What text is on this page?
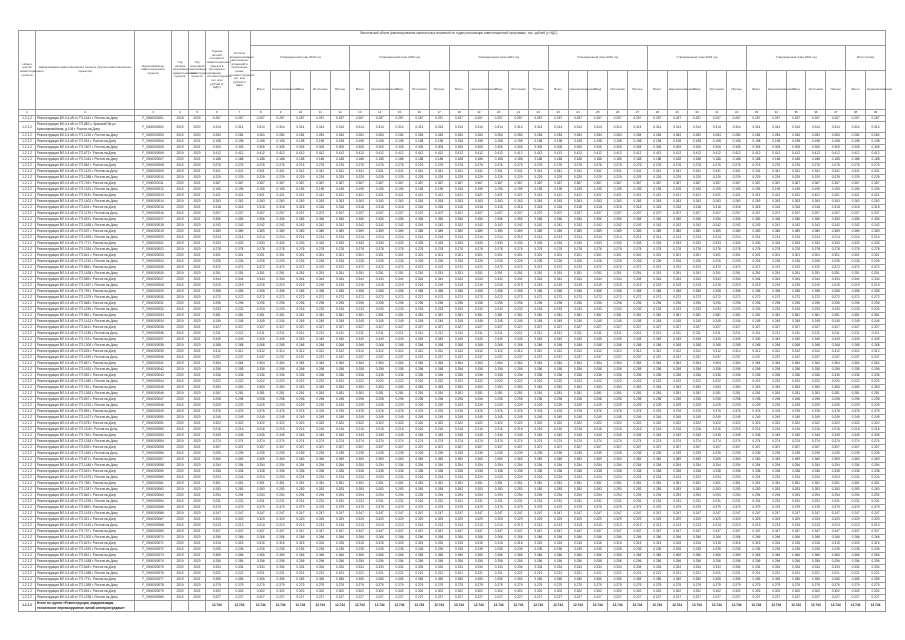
Фактический объем финансирования капитальных вложений по годам реализации инвестиционной программы, тыс. рублей (с НДС)
Номер группы инвестиционного проекта	Наименование инвестиционного проекта (группы инвестиционных проектов)	Идентификатор инвестиционного проекта	Год начала реализации инвестиционного проекта	Год окончания реализации инвестиционного проекта	Оценка полной стоимости инвестиционного проекта в прогнозных ценах соответствующих лет, млн рублей (с НДС)	Остаток финансирования капитальных вложений в прогнозных ценах соответствующих лет, млн рублей (с НДС)																																
							Утвержденный план 2019 год					Утвержденный план 2020 год					Утвержденный план 2021 год					Утвержденный план 2022 год					Утвержденный план 2023 год					Утвержденный план 2024 год					Итого (план)	
							Всего	Нереализованное	Ввод	Источники	Прочее	Всего	Нереализованное	Ввод	Источники	Прочее	Всего	Нереализованное	Ввод	Источники	Прочее	Всего	Нереализованное	Ввод	Источники	Прочее	Всего	Нереализованное	Ввод	Источники	Прочее	Всего	Нереализованное	Ввод	Источники	Прочее	Всего	Нереализованное
1	2	3	4	5	6	7	8	9	10	11	12	13	14	15	16	17	18	19	20	21	22	23	24	25	26	27	28	29	30	31	32	33	34	35	36	37	38	39
1.2.1.2	Реконструкция ВЛ-0,4 кВ от ТП-1441 г. Ростов-на-Дону	F_0000000001	2018	2020	0.257	0.257	0.257	0.257	0.257	0.257	0.257	0.257	0.257	0.257	0.257	0.257	0.257	0.257	0.257	0.257	0.257	0.257	0.257	0.257	0.257	0.257	0.257	0.257	0.257	0.257	0.257	0.257	0.257	0.257	0.257	0.257	0.257	0.257
1.2.1.2	Реконструкция ВЛ-0,4 кВ от ТП-882 с. Красный Яр ул. Красноармейская, д.108 г. Ростов-на-Дону	F_0000000002	2019	2020	0.314	0.314	0.314	0.314	0.314	0.314	0.314	0.314	0.314	0.314	0.314	0.314	0.314	0.314	0.314	0.314	0.314	0.314	0.314	0.314	0.314	0.314	0.314	0.314	0.314	0.314	0.314	0.314	0.314	0.314	0.314	0.314	0.314	0.314
1.2.1.2	Реконструкция ВЛ-0,4 кВ от ТП-1219 г. Ростов-на-Дону	F_0000000003	2019	2020	0.284	0.284	0.284	0.284	0.284	0.284	0.284	0.284	0.284	0.284	0.284	0.284	0.284	0.284	0.284	0.284	0.284	0.284	0.284	0.284	0.284	0.284	0.284	0.284	0.284	0.284	0.284	0.284	0.284	0.284	0.284	0.284	0.284	0.284
1.2.1.2	Реконструкция ВЛ-0,4 кВ от ТП-901 г. Ростов-на-Дону	F_0000000004	2019	2021	0.198	0.198	0.198	0.198	0.198	0.198	0.198	0.198	0.198	0.198	0.198	0.198	0.198	0.198	0.198	0.198	0.198	0.198	0.198	0.198	0.198	0.198	0.198	0.198	0.198	0.198	0.198	0.198	0.198	0.198	0.198	0.198	0.198	0.198
1.2.1.2	Реконструкция ВЛ-0,4 кВ от ТП-1507 г. Ростов-на-Дону	F_0000000005	2019	2021	0.305	0.305	0.305	0.305	0.305	0.305	0.305	0.305	0.305	0.305	0.305	0.305	0.305	0.305	0.305	0.305	0.305	0.305	0.305	0.305	0.305	0.305	0.305	0.305	0.305	0.305	0.305	0.305	0.305	0.305	0.305	0.305	0.305	0.305
1.2.1.2	Реконструкция ВЛ-0,4 кВ от ТП-673 г. Ростов-на-Дону	F_0000000006	2019	2020	0.412	0.412	0.412	0.412	0.412	0.412	0.412	0.412	0.412	0.412	0.412	0.412	0.412	0.412	0.412	0.412	0.412	0.412	0.412	0.412	0.412	0.412	0.412	0.412	0.412	0.412	0.412	0.412	0.412	0.412	0.412	0.412	0.412	0.412
1.2.1.2	Реконструкция ВЛ-0,4 кВ от ТП-1044 г. Ростов-на-Дону	F_0000000007	2020	2021	0.188	0.188	0.188	0.188	0.188	0.188	0.188	0.188	0.188	0.188	0.188	0.188	0.188	0.188	0.188	0.188	0.188	0.188	0.188	0.188	0.188	0.188	0.188	0.188	0.188	0.188	0.188	0.188	0.188	0.188	0.188	0.188	0.188	0.188
1.2.1.2	Реконструкция ВЛ-0,4 кВ от ТП-562 г. Ростов-на-Дону	F_0000000008	2019	2020	0.276	0.276	0.276	0.276	0.276	0.276	0.276	0.276	0.276	0.276	0.276	0.276	0.276	0.276	0.276	0.276	0.276	0.276	0.276	0.276	0.276	0.276	0.276	0.276	0.276	0.276	0.276	0.276	0.276	0.276	0.276	0.276	0.276	0.276
1.2.1.2	Реконструкция ВЛ-0,4 кВ от ТП-1120 г. Ростов-на-Дону	F_0000000009	2019	2021	0.341	0.341	0.341	0.341	0.341	0.341	0.341	0.341	0.341	0.341	0.341	0.341	0.341	0.341	0.341	0.341	0.341	0.341	0.341	0.341	0.341	0.341	0.341	0.341	0.341	0.341	0.341	0.341	0.341	0.341	0.341	0.341	0.341	0.341
1.2.1.2	Реконструкция ВЛ-0,4 кВ от ТП-1288 г. Ростов-на-Дону	F_0000000010	2019	2020	0.229	0.229	0.229	0.229	0.229	0.229	0.229	0.229	0.229	0.229	0.229	0.229	0.229	0.229	0.229	0.229	0.229	0.229	0.229	0.229	0.229	0.229	0.229	0.229	0.229	0.229	0.229	0.229	0.229	0.229	0.229	0.229	0.229	0.229
1.2.1.2	Реконструкция ВЛ-0,4 кВ от ТП-745 г. Ростов-на-Дону	F_0000000011	2020	2021	0.367	0.367	0.367	0.367	0.367	0.367	0.367	0.367	0.367	0.367	0.367	0.367	0.367	0.367	0.367	0.367	0.367	0.367	0.367	0.367	0.367	0.367	0.367	0.367	0.367	0.367	0.367	0.367	0.367	0.367	0.367	0.367	0.367	0.367
1.2.1.2	Реконструкция ВЛ-0,4 кВ от ТП-1331 г. Ростов-на-Дону	F_0000000012	2019	2020	0.195	0.195	0.195	0.195	0.195	0.195	0.195	0.195	0.195	0.195	0.195	0.195	0.195	0.195	0.195	0.195	0.195	0.195	0.195	0.195	0.195	0.195	0.195	0.195	0.195	0.195	0.195	0.195	0.195	0.195	0.195	0.195	0.195	0.195
1.2.1.2	Реконструкция ВЛ-0,4 кВ от ТП-918 г. Ростов-на-Дону	F_0000000013	2019	2021	0.421	0.421	0.421	0.421	0.421	0.421	0.421	0.421	0.421	0.421	0.421	0.421	0.421	0.421	0.421	0.421	0.421	0.421	0.421	0.421	0.421	0.421	0.421	0.421	0.421	0.421	0.421	0.421	0.421	0.421	0.421	0.421	0.421	0.421
1.2.1.2	Реконструкция ВЛ-0,4 кВ от ТП-1402 г. Ростов-на-Дону	F_0000000014	2019	2020	0.263	0.263	0.263	0.263	0.263	0.263	0.263	0.263	0.263	0.263	0.263	0.263	0.263	0.263	0.263	0.263	0.263	0.263	0.263	0.263	0.263	0.263	0.263	0.263	0.263	0.263	0.263	0.263	0.263	0.263	0.263	0.263	0.263	0.263
1.2.1.2	Реконструкция ВЛ-0,4 кВ от ТП-604 г. Ростов-на-Дону	F_0000000015	2020	2021	0.318	0.318	0.318	0.318	0.318	0.318	0.318	0.318	0.318	0.318	0.318	0.318	0.318	0.318	0.318	0.318	0.318	0.318	0.318	0.318	0.318	0.318	0.318	0.318	0.318	0.318	0.318	0.318	0.318	0.318	0.318	0.318	0.318	0.318
1.2.1.2	Реконструкция ВЛ-0,4 кВ от ТП-1176 г. Ростов-на-Дону	F_0000000016	2019	2020	0.207	0.207	0.207	0.207	0.207	0.207	0.207	0.207	0.207	0.207	0.207	0.207	0.207	0.207	0.207	0.207	0.207	0.207	0.207	0.207	0.207	0.207	0.207	0.207	0.207	0.207	0.207	0.207	0.207	0.207	0.207	0.207	0.207	0.207
1.2.1.2	Реконструкция ВЛ-0,4 кВ от ТП-829 г. Ростов-на-Дону	F_0000000017	2019	2021	0.356	0.356	0.356	0.356	0.356	0.356	0.356	0.356	0.356	0.356	0.356	0.356	0.356	0.356	0.356	0.356	0.356	0.356	0.356	0.356	0.356	0.356	0.356	0.356	0.356	0.356	0.356	0.356	0.356	0.356	0.356	0.356	0.356	0.356
1.2.1.2	Реконструкция ВЛ-0,4 кВ от ТП-1465 г. Ростов-на-Дону	F_0000000018	2019	2020	0.242	0.242	0.242	0.242	0.242	0.242	0.242	0.242	0.242	0.242	0.242	0.242	0.242	0.242	0.242	0.242	0.242	0.242	0.242	0.242	0.242	0.242	0.242	0.242	0.242	0.242	0.242	0.242	0.242	0.242	0.242	0.242	0.242	0.242
1.2.1.2	Реконструкция ВЛ-0,4 кВ от ТП-537 г. Ростов-на-Дону	F_0000000019	2020	2021	0.389	0.389	0.389	0.389	0.389	0.389	0.389	0.389	0.389	0.389	0.389	0.389	0.389	0.389	0.389	0.389	0.389	0.389	0.389	0.389	0.389	0.389	0.389	0.389	0.389	0.389	0.389	0.389	0.389	0.389	0.389	0.389	0.389	0.389
1.2.1.2	Реконструкция ВЛ-0,4 кВ от ТП-1093 г. Ростов-на-Дону	F_0000000020	2019	2020	0.214	0.214	0.214	0.214	0.214	0.214	0.214	0.214	0.214	0.214	0.214	0.214	0.214	0.214	0.214	0.214	0.214	0.214	0.214	0.214	0.214	0.214	0.214	0.214	0.214	0.214	0.214	0.214	0.214	0.214	0.214	0.214	0.214	0.214
1.2.1.2	Реконструкция ВЛ-0,4 кВ от ТП-772 г. Ростов-на-Дону	F_0000000021	2019	2021	0.333	0.333	0.333	0.333	0.333	0.333	0.333	0.333	0.333	0.333	0.333	0.333	0.333	0.333	0.333	0.333	0.333	0.333	0.333	0.333	0.333	0.333	0.333	0.333	0.333	0.333	0.333	0.333	0.333	0.333	0.333	0.333	0.333	0.333
1.2.1.2	Реконструкция ВЛ-0,4 кВ от ТП-1354 г. Ростов-на-Дону	F_0000000022	2019	2020	0.278	0.278	0.278	0.278	0.278	0.278	0.278	0.278	0.278	0.278	0.278	0.278	0.278	0.278	0.278	0.278	0.278	0.278	0.278	0.278	0.278	0.278	0.278	0.278	0.278	0.278	0.278	0.278	0.278	0.278	0.278	0.278	0.278	0.278
1.2.1.2	Реконструкция ВЛ-0,4 кВ от ТП-641 г. Ростов-на-Дону	F_0000000023	2020	2021	0.301	0.301	0.301	0.301	0.301	0.301	0.301	0.301	0.301	0.301	0.301	0.301	0.301	0.301	0.301	0.301	0.301	0.301	0.301	0.301	0.301	0.301	0.301	0.301	0.301	0.301	0.301	0.301	0.301	0.301	0.301	0.301	0.301	0.301
1.2.1.2	Реконструкция ВЛ-0,4 кВ от ТП-1210 г. Ростов-на-Дону	F_0000000024	2019	2020	0.226	0.226	0.226	0.226	0.226	0.226	0.226	0.226	0.226	0.226	0.226	0.226	0.226	0.226	0.226	0.226	0.226	0.226	0.226	0.226	0.226	0.226	0.226	0.226	0.226	0.226	0.226	0.226	0.226	0.226	0.226	0.226	0.226	0.226
1.2.1.2	Реконструкция ВЛ-0,4 кВ от ТП-856 г. Ростов-на-Дону	F_0000000025	2019	2021	0.372	0.372	0.372	0.372	0.372	0.372	0.372	0.372	0.372	0.372	0.372	0.372	0.372	0.372	0.372	0.372	0.372	0.372	0.372	0.372	0.372	0.372	0.372	0.372	0.372	0.372	0.372	0.372	0.372	0.372	0.372	0.372	0.372	0.372
1.2.1.2	Реконструкция ВЛ-0,4 кВ от ТП-1438 г. Ростов-на-Дону	F_0000000026	2019	2020	0.251	0.251	0.251	0.251	0.251	0.251	0.251	0.251	0.251	0.251	0.251	0.251	0.251	0.251	0.251	0.251	0.251	0.251	0.251	0.251	0.251	0.251	0.251	0.251	0.251	0.251	0.251	0.251	0.251	0.251	0.251	0.251	0.251	0.251
1.2.1.2	Реконструкция ВЛ-0,4 кВ от ТП-589 г. Ростов-на-Дону	F_0000000027	2020	2021	0.344	0.344	0.344	0.344	0.344	0.344	0.344	0.344	0.344	0.344	0.344	0.344	0.344	0.344	0.344	0.344	0.344	0.344	0.344	0.344	0.344	0.344	0.344	0.344	0.344	0.344	0.344	0.344	0.344	0.344	0.344	0.344	0.344	0.344
1.2.1.2	Реконструкция ВЛ-0,4 кВ от ТП-1067 г. Ростов-на-Дону	F_0000000028	2019	2020	0.219	0.219	0.219	0.219	0.219	0.219	0.219	0.219	0.219	0.219	0.219	0.219	0.219	0.219	0.219	0.219	0.219	0.219	0.219	0.219	0.219	0.219	0.219	0.219	0.219	0.219	0.219	0.219	0.219	0.219	0.219	0.219	0.219	0.219
1.2.1.2	Реконструкция ВЛ-0,4 кВ от ТП-795 г. Ростов-на-Дону	F_0000000029	2019	2021	0.358	0.358	0.358	0.358	0.358	0.358	0.358	0.358	0.358	0.358	0.358	0.358	0.358	0.358	0.358	0.358	0.358	0.358	0.358	0.358	0.358	0.358	0.358	0.358	0.358	0.358	0.358	0.358	0.358	0.358	0.358	0.358	0.358	0.358
1.2.1.2	Реконструкция ВЛ-0,4 кВ от ТП-1379 г. Ростов-на-Дону	F_0000000030	2019	2020	0.272	0.272	0.272	0.272	0.272	0.272	0.272	0.272	0.272	0.272	0.272	0.272	0.272	0.272	0.272	0.272	0.272	0.272	0.272	0.272	0.272	0.272	0.272	0.272	0.272	0.272	0.272	0.272	0.272	0.272	0.272	0.272	0.272	0.272
1.2.1.2	Реконструкция ВЛ-0,4 кВ от ТП-668 г. Ростов-на-Дону	F_0000000031	2020	2021	0.296	0.296	0.296	0.296	0.296	0.296	0.296	0.296	0.296	0.296	0.296	0.296	0.296	0.296	0.296	0.296	0.296	0.296	0.296	0.296	0.296	0.296	0.296	0.296	0.296	0.296	0.296	0.296	0.296	0.296	0.296	0.296	0.296	0.296
1.2.1.2	Реконструкция ВЛ-0,4 кВ от ТП-1245 г. Ростов-на-Дону	F_0000000032	2019	2020	0.233	0.233	0.233	0.233	0.233	0.233	0.233	0.233	0.233	0.233	0.233	0.233	0.233	0.233	0.233	0.233	0.233	0.233	0.233	0.233	0.233	0.233	0.233	0.233	0.233	0.233	0.233	0.233	0.233	0.233	0.233	0.233	0.233	0.233
1.2.1.2	Реконструкция ВЛ-0,4 кВ от ТП-881 г. Ростов-на-Дону	F_0000000033	2019	2021	0.381	0.381	0.381	0.381	0.381	0.381	0.381	0.381	0.381	0.381	0.381	0.381	0.381	0.381	0.381	0.381	0.381	0.381	0.381	0.381	0.381	0.381	0.381	0.381	0.381	0.381	0.381	0.381	0.381	0.381	0.381	0.381	0.381	0.381
1.2.1.2	Реконструкция ВЛ-0,4 кВ от ТП-1412 г. Ростов-на-Дону	F_0000000034	2019	2020	0.245	0.245	0.245	0.245	0.245	0.245	0.245	0.245	0.245	0.245	0.245	0.245	0.245	0.245	0.245	0.245	0.245	0.245	0.245	0.245	0.245	0.245	0.245	0.245	0.245	0.245	0.245	0.245	0.245	0.245	0.245	0.245	0.245	0.245
1.2.1.2	Реконструкция ВЛ-0,4 кВ от ТП-516 г. Ростов-на-Дону	F_0000000035	2020	2021	0.327	0.327	0.327	0.327	0.327	0.327	0.327	0.327	0.327	0.327	0.327	0.327	0.327	0.327	0.327	0.327	0.327	0.327	0.327	0.327	0.327	0.327	0.327	0.327	0.327	0.327	0.327	0.327	0.327	0.327	0.327	0.327	0.327	0.327
1.2.1.2	Реконструкция ВЛ-0,4 кВ от ТП-1138 г. Ростов-на-Дону	F_0000000036	2019	2020	0.211	0.211	0.211	0.211	0.211	0.211	0.211	0.211	0.211	0.211	0.211	0.211	0.211	0.211	0.211	0.211	0.211	0.211	0.211	0.211	0.211	0.211	0.211	0.211	0.211	0.211	0.211	0.211	0.211	0.211	0.211	0.211	0.211	0.211
1.2.1.2	Реконструкция ВЛ-0,4 кВ от ТП-743 г. Ростов-на-Дону	F_0000000037	2019	2021	0.349	0.349	0.349	0.349	0.349	0.349	0.349	0.349	0.349	0.349	0.349	0.349	0.349	0.349	0.349	0.349	0.349	0.349	0.349	0.349	0.349	0.349	0.349	0.349	0.349	0.349	0.349	0.349	0.349	0.349	0.349	0.349	0.349	0.349
1.2.1.2	Реконструкция ВЛ-0,4 кВ от ТП-1306 г. Ростов-на-Дону	F_0000000038	2019	2020	0.268	0.268	0.268	0.268	0.268	0.268	0.268	0.268	0.268	0.268	0.268	0.268	0.268	0.268	0.268	0.268	0.268	0.268	0.268	0.268	0.268	0.268	0.268	0.268	0.268	0.268	0.268	0.268	0.268	0.268	0.268	0.268	0.268	0.268
1.2.1.2	Реконструкция ВЛ-0,4 кВ от ТП-625 г. Ростов-на-Дону	F_0000000039	2020	2021	0.312	0.312	0.312	0.312	0.312	0.312	0.312	0.312	0.312	0.312	0.312	0.312	0.312	0.312	0.312	0.312	0.312	0.312	0.312	0.312	0.312	0.312	0.312	0.312	0.312	0.312	0.312	0.312	0.312	0.312	0.312	0.312	0.312	0.312
1.2.1.2	Реконструкция ВЛ-0,4 кВ от ТП-1199 г. Ростов-на-Дону	F_0000000040	2019	2020	0.237	0.237	0.237	0.237	0.237	0.237	0.237	0.237	0.237	0.237	0.237	0.237	0.237	0.237	0.237	0.237	0.237	0.237	0.237	0.237	0.237	0.237	0.237	0.237	0.237	0.237	0.237	0.237	0.237	0.237	0.237	0.237	0.237	0.237
1.2.1.2	Реконструкция ВЛ-0,4 кВ от ТП-867 г. Ростов-на-Дону	F_0000000041	2019	2021	0.364	0.364	0.364	0.364	0.364	0.364	0.364	0.364	0.364	0.364	0.364	0.364	0.364	0.364	0.364	0.364	0.364	0.364	0.364	0.364	0.364	0.364	0.364	0.364	0.364	0.364	0.364	0.364	0.364	0.364	0.364	0.364	0.364	0.364
1.2.1.2	Реконструкция ВЛ-0,4 кВ от ТП-1451 г. Ростов-на-Дону	F_0000000042	2019	2020	0.258	0.258	0.258	0.258	0.258	0.258	0.258	0.258	0.258	0.258	0.258	0.258	0.258	0.258	0.258	0.258	0.258	0.258	0.258	0.258	0.258	0.258	0.258	0.258	0.258	0.258	0.258	0.258	0.258	0.258	0.258	0.258	0.258	0.258
1.2.1.2	Реконструкция ВЛ-0,4 кВ от ТП-552 г. Ростов-на-Дону	F_0000000043	2020	2021	0.336	0.336	0.336	0.336	0.336	0.336	0.336	0.336	0.336	0.336	0.336	0.336	0.336	0.336	0.336	0.336	0.336	0.336	0.336	0.336	0.336	0.336	0.336	0.336	0.336	0.336	0.336	0.336	0.336	0.336	0.336	0.336	0.336	0.336
1.2.1.2	Реконструкция ВЛ-0,4 кВ от ТП-1082 г. Ростов-на-Дону	F_0000000044	2019	2020	0.222	0.222	0.222	0.222	0.222	0.222	0.222	0.222	0.222	0.222	0.222	0.222	0.222	0.222	0.222	0.222	0.222	0.222	0.222	0.222	0.222	0.222	0.222	0.222	0.222	0.222	0.222	0.222	0.222	0.222	0.222	0.222	0.222	0.222
1.2.1.2	Реконструкция ВЛ-0,4 кВ от ТП-781 г. Ростов-на-Дону	F_0000000045	2019	2021	0.353	0.353	0.353	0.353	0.353	0.353	0.353	0.353	0.353	0.353	0.353	0.353	0.353	0.353	0.353	0.353	0.353	0.353	0.353	0.353	0.353	0.353	0.353	0.353	0.353	0.353	0.353	0.353	0.353	0.353	0.353	0.353	0.353	0.353
1.2.1.2	Реконструкция ВЛ-0,4 кВ от ТП-1363 г. Ростов-на-Дону	F_0000000046	2019	2020	0.281	0.281	0.281	0.281	0.281	0.281	0.281	0.281	0.281	0.281	0.281	0.281	0.281	0.281	0.281	0.281	0.281	0.281	0.281	0.281	0.281	0.281	0.281	0.281	0.281	0.281	0.281	0.281	0.281	0.281	0.281	0.281	0.281	0.281
1.2.1.2	Реконструкция ВЛ-0,4 кВ от ТП-657 г. Ростов-на-Дону	F_0000000047	2020	2021	0.298	0.298	0.298	0.298	0.298	0.298	0.298	0.298	0.298	0.298	0.298	0.298	0.298	0.298	0.298	0.298	0.298	0.298	0.298	0.298	0.298	0.298	0.298	0.298	0.298	0.298	0.298	0.298	0.298	0.298	0.298	0.298	0.298	0.298
1.2.1.2	Реконструкция ВЛ-0,4 кВ от ТП-1232 г. Ростов-на-Дону	F_0000000048	2019	2020	0.229	0.229	0.229	0.229	0.229	0.229	0.229	0.229	0.229	0.229	0.229	0.229	0.229	0.229	0.229	0.229	0.229	0.229	0.229	0.229	0.229	0.229	0.229	0.229	0.229	0.229	0.229	0.229	0.229	0.229	0.229	0.229	0.229	0.229
1.2.1.2	Реконструкция ВЛ-0,4 кВ от ТП-894 г. Ростов-на-Дону	F_0000000049	2019	2021	0.376	0.376	0.376	0.376	0.376	0.376	0.376	0.376	0.376	0.376	0.376	0.376	0.376	0.376	0.376	0.376	0.376	0.376	0.376	0.376	0.376	0.376	0.376	0.376	0.376	0.376	0.376	0.376	0.376	0.376	0.376	0.376	0.376	0.376
1.2.1.2	Реконструкция ВЛ-0,4 кВ от ТП-1427 г. Ростов-на-Дону	F_0000000050	2019	2020	0.249	0.249	0.249	0.249	0.249	0.249	0.249	0.249	0.249	0.249	0.249	0.249	0.249	0.249	0.249	0.249	0.249	0.249	0.249	0.249	0.249	0.249	0.249	0.249	0.249	0.249	0.249	0.249	0.249	0.249	0.249	0.249	0.249	0.249
1.2.1.2	Реконструкция ВЛ-0,4 кВ от ТП-578 г. Ростов-на-Дону	F_0000000051	2020	2021	0.322	0.322	0.322	0.322	0.322	0.322	0.322	0.322	0.322	0.322	0.322	0.322	0.322	0.322	0.322	0.322	0.322	0.322	0.322	0.322	0.322	0.322	0.322	0.322	0.322	0.322	0.322	0.322	0.322	0.322	0.322	0.322	0.322	0.322
1.2.1.2	Реконструкция ВЛ-0,4 кВ от ТП-1115 г. Ростов-на-Дону	F_0000000052	2019	2020	0.216	0.216	0.216	0.216	0.216	0.216	0.216	0.216	0.216	0.216	0.216	0.216	0.216	0.216	0.216	0.216	0.216	0.216	0.216	0.216	0.216	0.216	0.216	0.216	0.216	0.216	0.216	0.216	0.216	0.216	0.216	0.216	0.216	0.216
1.2.1.2	Реконструкция ВЛ-0,4 кВ от ТП-756 г. Ростов-на-Дону	F_0000000053	2019	2021	0.345	0.345	0.345	0.345	0.345	0.345	0.345	0.345	0.345	0.345	0.345	0.345	0.345	0.345	0.345	0.345	0.345	0.345	0.345	0.345	0.345	0.345	0.345	0.345	0.345	0.345	0.345	0.345	0.345	0.345	0.345	0.345	0.345	0.345
1.2.1.2	Реконструкция ВЛ-0,4 кВ от ТП-1318 г. Ростов-на-Дону	F_0000000054	2019	2020	0.274	0.274	0.274	0.274	0.274	0.274	0.274	0.274	0.274	0.274	0.274	0.274	0.274	0.274	0.274	0.274	0.274	0.274	0.274	0.274	0.274	0.274	0.274	0.274	0.274	0.274	0.274	0.274	0.274	0.274	0.274	0.274	0.274	0.274
1.2.1.2	Реконструкция ВЛ-0,4 кВ от ТП-639 г. Ростов-на-Дону	F_0000000055	2020	2021	0.307	0.307	0.307	0.307	0.307	0.307	0.307	0.307	0.307	0.307	0.307	0.307	0.307	0.307	0.307	0.307	0.307	0.307	0.307	0.307	0.307	0.307	0.307	0.307	0.307	0.307	0.307	0.307	0.307	0.307	0.307	0.307	0.307	0.307
1.2.1.2	Реконструкция ВЛ-0,4 кВ от ТП-1184 г. Ростов-на-Дону	F_0000000056	2019	2020	0.239	0.239	0.239	0.239	0.239	0.239	0.239	0.239	0.239	0.239	0.239	0.239	0.239	0.239	0.239	0.239	0.239	0.239	0.239	0.239	0.239	0.239	0.239	0.239	0.239	0.239	0.239	0.239	0.239	0.239	0.239	0.239	0.239	0.239
1.2.1.2	Реконструкция ВЛ-0,4 кВ от ТП-872 г. Ростов-на-Дону	F_0000000057	2019	2021	0.369	0.369	0.369	0.369	0.369	0.369	0.369	0.369	0.369	0.369	0.369	0.369	0.369	0.369	0.369	0.369	0.369	0.369	0.369	0.369	0.369	0.369	0.369	0.369	0.369	0.369	0.369	0.369	0.369	0.369	0.369	0.369	0.369	0.369
1.2.1.2	Реконструкция ВЛ-0,4 кВ от ТП-1446 г. Ростов-на-Дону	F_0000000058	2019	2020	0.254	0.254	0.254	0.254	0.254	0.254	0.254	0.254	0.254	0.254	0.254	0.254	0.254	0.254	0.254	0.254	0.254	0.254	0.254	0.254	0.254	0.254	0.254	0.254	0.254	0.254	0.254	0.254	0.254	0.254	0.254	0.254	0.254	0.254
1.2.1.2	Реконструкция ВЛ-0,4 кВ от ТП-543 г. Ростов-на-Дону	F_0000000059	2020	2021	0.338	0.338	0.338	0.338	0.338	0.338	0.338	0.338	0.338	0.338	0.338	0.338	0.338	0.338	0.338	0.338	0.338	0.338	0.338	0.338	0.338	0.338	0.338	0.338	0.338	0.338	0.338	0.338	0.338	0.338	0.338	0.338	0.338	0.338
1.2.1.2	Реконструкция ВЛ-0,4 кВ от ТП-1075 г. Ростов-на-Дону	F_0000000060	2019	2020	0.224	0.224	0.224	0.224	0.224	0.224	0.224	0.224	0.224	0.224	0.224	0.224	0.224	0.224	0.224	0.224	0.224	0.224	0.224	0.224	0.224	0.224	0.224	0.224	0.224	0.224	0.224	0.224	0.224	0.224	0.224	0.224	0.224	0.224
1.2.1.2	Реконструкция ВЛ-0,4 кВ от ТП-788 г. Ростов-на-Дону	F_0000000061	2019	2021	0.351	0.351	0.351	0.351	0.351	0.351	0.351	0.351	0.351	0.351	0.351	0.351	0.351	0.351	0.351	0.351	0.351	0.351	0.351	0.351	0.351	0.351	0.351	0.351	0.351	0.351	0.351	0.351	0.351	0.351	0.351	0.351	0.351	0.351
1.2.1.2	Реконструкция ВЛ-0,4 кВ от ТП-1347 г. Ростов-на-Дону	F_0000000062	2019	2020	0.283	0.283	0.283	0.283	0.283	0.283	0.283	0.283	0.283	0.283	0.283	0.283	0.283	0.283	0.283	0.283	0.283	0.283	0.283	0.283	0.283	0.283	0.283	0.283	0.283	0.283	0.283	0.283	0.283	0.283	0.283	0.283	0.283	0.283
1.2.1.2	Реконструкция ВЛ-0,4 кВ от ТП-662 г. Ростов-на-Дону	F_0000000063	2020	2021	0.294	0.294	0.294	0.294	0.294	0.294	0.294	0.294	0.294	0.294	0.294	0.294	0.294	0.294	0.294	0.294	0.294	0.294	0.294	0.294	0.294	0.294	0.294	0.294	0.294	0.294	0.294	0.294	0.294	0.294	0.294	0.294	0.294	0.294
1.2.1.2	Реконструкция ВЛ-0,4 кВ от ТП-1226 г. Ростов-на-Дону	F_0000000064	2019	2020	0.231	0.231	0.231	0.231	0.231	0.231	0.231	0.231	0.231	0.231	0.231	0.231	0.231	0.231	0.231	0.231	0.231	0.231	0.231	0.231	0.231	0.231	0.231	0.231	0.231	0.231	0.231	0.231	0.231	0.231	0.231	0.231	0.231	0.231
1.2.1.2	Реконструкция ВЛ-0,4 кВ от ТП-889 г. Ростов-на-Дону	F_0000000065	2019	2021	0.379	0.379	0.379	0.379	0.379	0.379	0.379	0.379	0.379	0.379	0.379	0.379	0.379	0.379	0.379	0.379	0.379	0.379	0.379	0.379	0.379	0.379	0.379	0.379	0.379	0.379	0.379	0.379	0.379	0.379	0.379	0.379	0.379	0.379
1.2.1.2	Реконструкция ВЛ-0,4 кВ от ТП-1419 г. Ростов-на-Дону	F_0000000066	2019	2020	0.247	0.247	0.247	0.247	0.247	0.247	0.247	0.247	0.247	0.247	0.247	0.247	0.247	0.247	0.247	0.247	0.247	0.247	0.247	0.247	0.247	0.247	0.247	0.247	0.247	0.247	0.247	0.247	0.247	0.247	0.247	0.247	0.247	0.247
1.2.1.2	Реконструкция ВЛ-0,4 кВ от ТП-521 г. Ростов-на-Дону	F_0000000067	2020	2021	0.329	0.329	0.329	0.329	0.329	0.329	0.329	0.329	0.329	0.329	0.329	0.329	0.329	0.329	0.329	0.329	0.329	0.329	0.329	0.329	0.329	0.329	0.329	0.329	0.329	0.329	0.329	0.329	0.329	0.329	0.329	0.329	0.329	0.329
1.2.1.2	Реконструкция ВЛ-0,4 кВ от ТП-1143 г. Ростов-на-Дону	F_0000000068	2019	2020	0.213	0.213	0.213	0.213	0.213	0.213	0.213	0.213	0.213	0.213	0.213	0.213	0.213	0.213	0.213	0.213	0.213	0.213	0.213	0.213	0.213	0.213	0.213	0.213	0.213	0.213	0.213	0.213	0.213	0.213	0.213	0.213	0.213	0.213
1.2.1.2	Реконструкция ВЛ-0,4 кВ от ТП-737 г. Ростов-на-Дону	F_0000000069	2019	2021	0.347	0.347	0.347	0.347	0.347	0.347	0.347	0.347	0.347	0.347	0.347	0.347	0.347	0.347	0.347	0.347	0.347	0.347	0.347	0.347	0.347	0.347	0.347	0.347	0.347	0.347	0.347	0.347	0.347	0.347	0.347	0.347	0.347	0.347
1.2.1.2	Реконструкция ВЛ-0,4 кВ от ТП-1302 г. Ростов-на-Дону	F_0000000070	2019	2020	0.266	0.266	0.266	0.266	0.266	0.266	0.266	0.266	0.266	0.266	0.266	0.266	0.266	0.266	0.266	0.266	0.266	0.266	0.266	0.266	0.266	0.266	0.266	0.266	0.266	0.266	0.266	0.266	0.266	0.266	0.266	0.266	0.266	0.266
1.2.1.2	Реконструкция ВЛ-0,4 кВ от ТП-619 г. Ростов-на-Дону	F_0000000071	2020	2021	0.315	0.315	0.315	0.315	0.315	0.315	0.315	0.315	0.315	0.315	0.315	0.315	0.315	0.315	0.315	0.315	0.315	0.315	0.315	0.315	0.315	0.315	0.315	0.315	0.315	0.315	0.315	0.315	0.315	0.315	0.315	0.315	0.315	0.315
1.2.1.2	Реконструкция ВЛ-0,4 кВ от ТП-1193 г. Ростов-на-Дону	F_0000000072	2019	2020	0.235	0.235	0.235	0.235	0.235	0.235	0.235	0.235	0.235	0.235	0.235	0.235	0.235	0.235	0.235	0.235	0.235	0.235	0.235	0.235	0.235	0.235	0.235	0.235	0.235	0.235	0.235	0.235	0.235	0.235	0.235	0.235	0.235	0.235
1.2.1.2	Реконструкция ВЛ-0,4 кВ от ТП-861 г. Ростов-на-Дону	F_0000000073	2019	2021	0.366	0.366	0.366	0.366	0.366	0.366	0.366	0.366	0.366	0.366	0.366	0.366	0.366	0.366	0.366	0.366	0.366	0.366	0.366	0.366	0.366	0.366	0.366	0.366	0.366	0.366	0.366	0.366	0.366	0.366	0.366	0.366	0.366	0.366
1.2.1.2	Реконструкция ВЛ-0,4 кВ от ТП-1458 г. Ростов-на-Дону	F_0000000074	2019	2020	0.256	0.256	0.256	0.256	0.256	0.256	0.256	0.256	0.256	0.256	0.256	0.256	0.256	0.256	0.256	0.256	0.256	0.256	0.256	0.256	0.256	0.256	0.256	0.256	0.256	0.256	0.256	0.256	0.256	0.256	0.256	0.256	0.256	0.256
1.2.1.2	Реконструкция ВЛ-0,4 кВ от ТП-548 г. Ростов-на-Дону	F_0000000075	2020	2021	0.334	0.334	0.334	0.334	0.334	0.334	0.334	0.334	0.334	0.334	0.334	0.334	0.334	0.334	0.334	0.334	0.334	0.334	0.334	0.334	0.334	0.334	0.334	0.334	0.334	0.334	0.334	0.334	0.334	0.334	0.334	0.334	0.334	0.334
1.2.1.2	Реконструкция ВЛ-0,4 кВ от ТП-1088 г. Ростов-на-Дону	F_0000000076	2019	2020	0.221	0.221	0.221	0.221	0.221	0.221	0.221	0.221	0.221	0.221	0.221	0.221	0.221	0.221	0.221	0.221	0.221	0.221	0.221	0.221	0.221	0.221	0.221	0.221	0.221	0.221	0.221	0.221	0.221	0.221	0.221	0.221	0.221	0.221
1.2.1.2	Реконструкция ВЛ-0,4 кВ от ТП-775 г. Ростов-на-Дону	F_0000000077	2019	2021	0.355	0.355	0.355	0.355	0.355	0.355	0.355	0.355	0.355	0.355	0.355	0.355	0.355	0.355	0.355	0.355	0.355	0.355	0.355	0.355	0.355	0.355	0.355	0.355	0.355	0.355	0.355	0.355	0.355	0.355	0.355	0.355	0.355	0.355
1.2.1.2	Реконструкция ВЛ-0,4 кВ от ТП-1369 г. Ростов-на-Дону	F_0000000078	2019	2020	0.279	0.279	0.279	0.279	0.279	0.279	0.279	0.279	0.279	0.279	0.279	0.279	0.279	0.279	0.279	0.279	0.279	0.279	0.279	0.279	0.279	0.279	0.279	0.279	0.279	0.279	0.279	0.279	0.279	0.279	0.279	0.279	0.279	0.279
1.2.1.2	Реконструкция ВЛ-0,4 кВ от ТП-651 г. Ростов-на-Дону	F_0000000079	2020	2021	0.302	0.302	0.302	0.302	0.302	0.302	0.302	0.302	0.302	0.302	0.302	0.302	0.302	0.302	0.302	0.302	0.302	0.302	0.302	0.302	0.302	0.302	0.302	0.302	0.302	0.302	0.302	0.302	0.302	0.302	0.302	0.302	0.302	0.302
1.2.1.2	Реконструкция ВЛ-0,4 кВ от ТП-1238 г. Ростов-на-Дону	F_0000000080	2019	2020	0.227	0.227	0.227	0.227	0.227	0.227	0.227	0.227	0.227	0.227	0.227	0.227	0.227	0.227	0.227	0.227	0.227	0.227	0.227	0.227	0.227	0.227	0.227	0.227	0.227	0.227	0.227	0.227	0.227	0.227	0.227	0.227	0.227	0.227
1.2.1.2	Итого по группе «Реконструкция, модернизация, техническое перевооружение линий электропередачи»				12.744	12.744	12.744	12.744	12.744	12.744	12.744	12.744	12.744	12.744	12.744	12.744	12.744	12.744	12.744	12.744	12.744	12.744	12.744	12.744	12.744	12.744	12.744	12.744	12.744	12.744	12.744	12.744	12.744	12.744	12.744	12.744	12.744	12.744
